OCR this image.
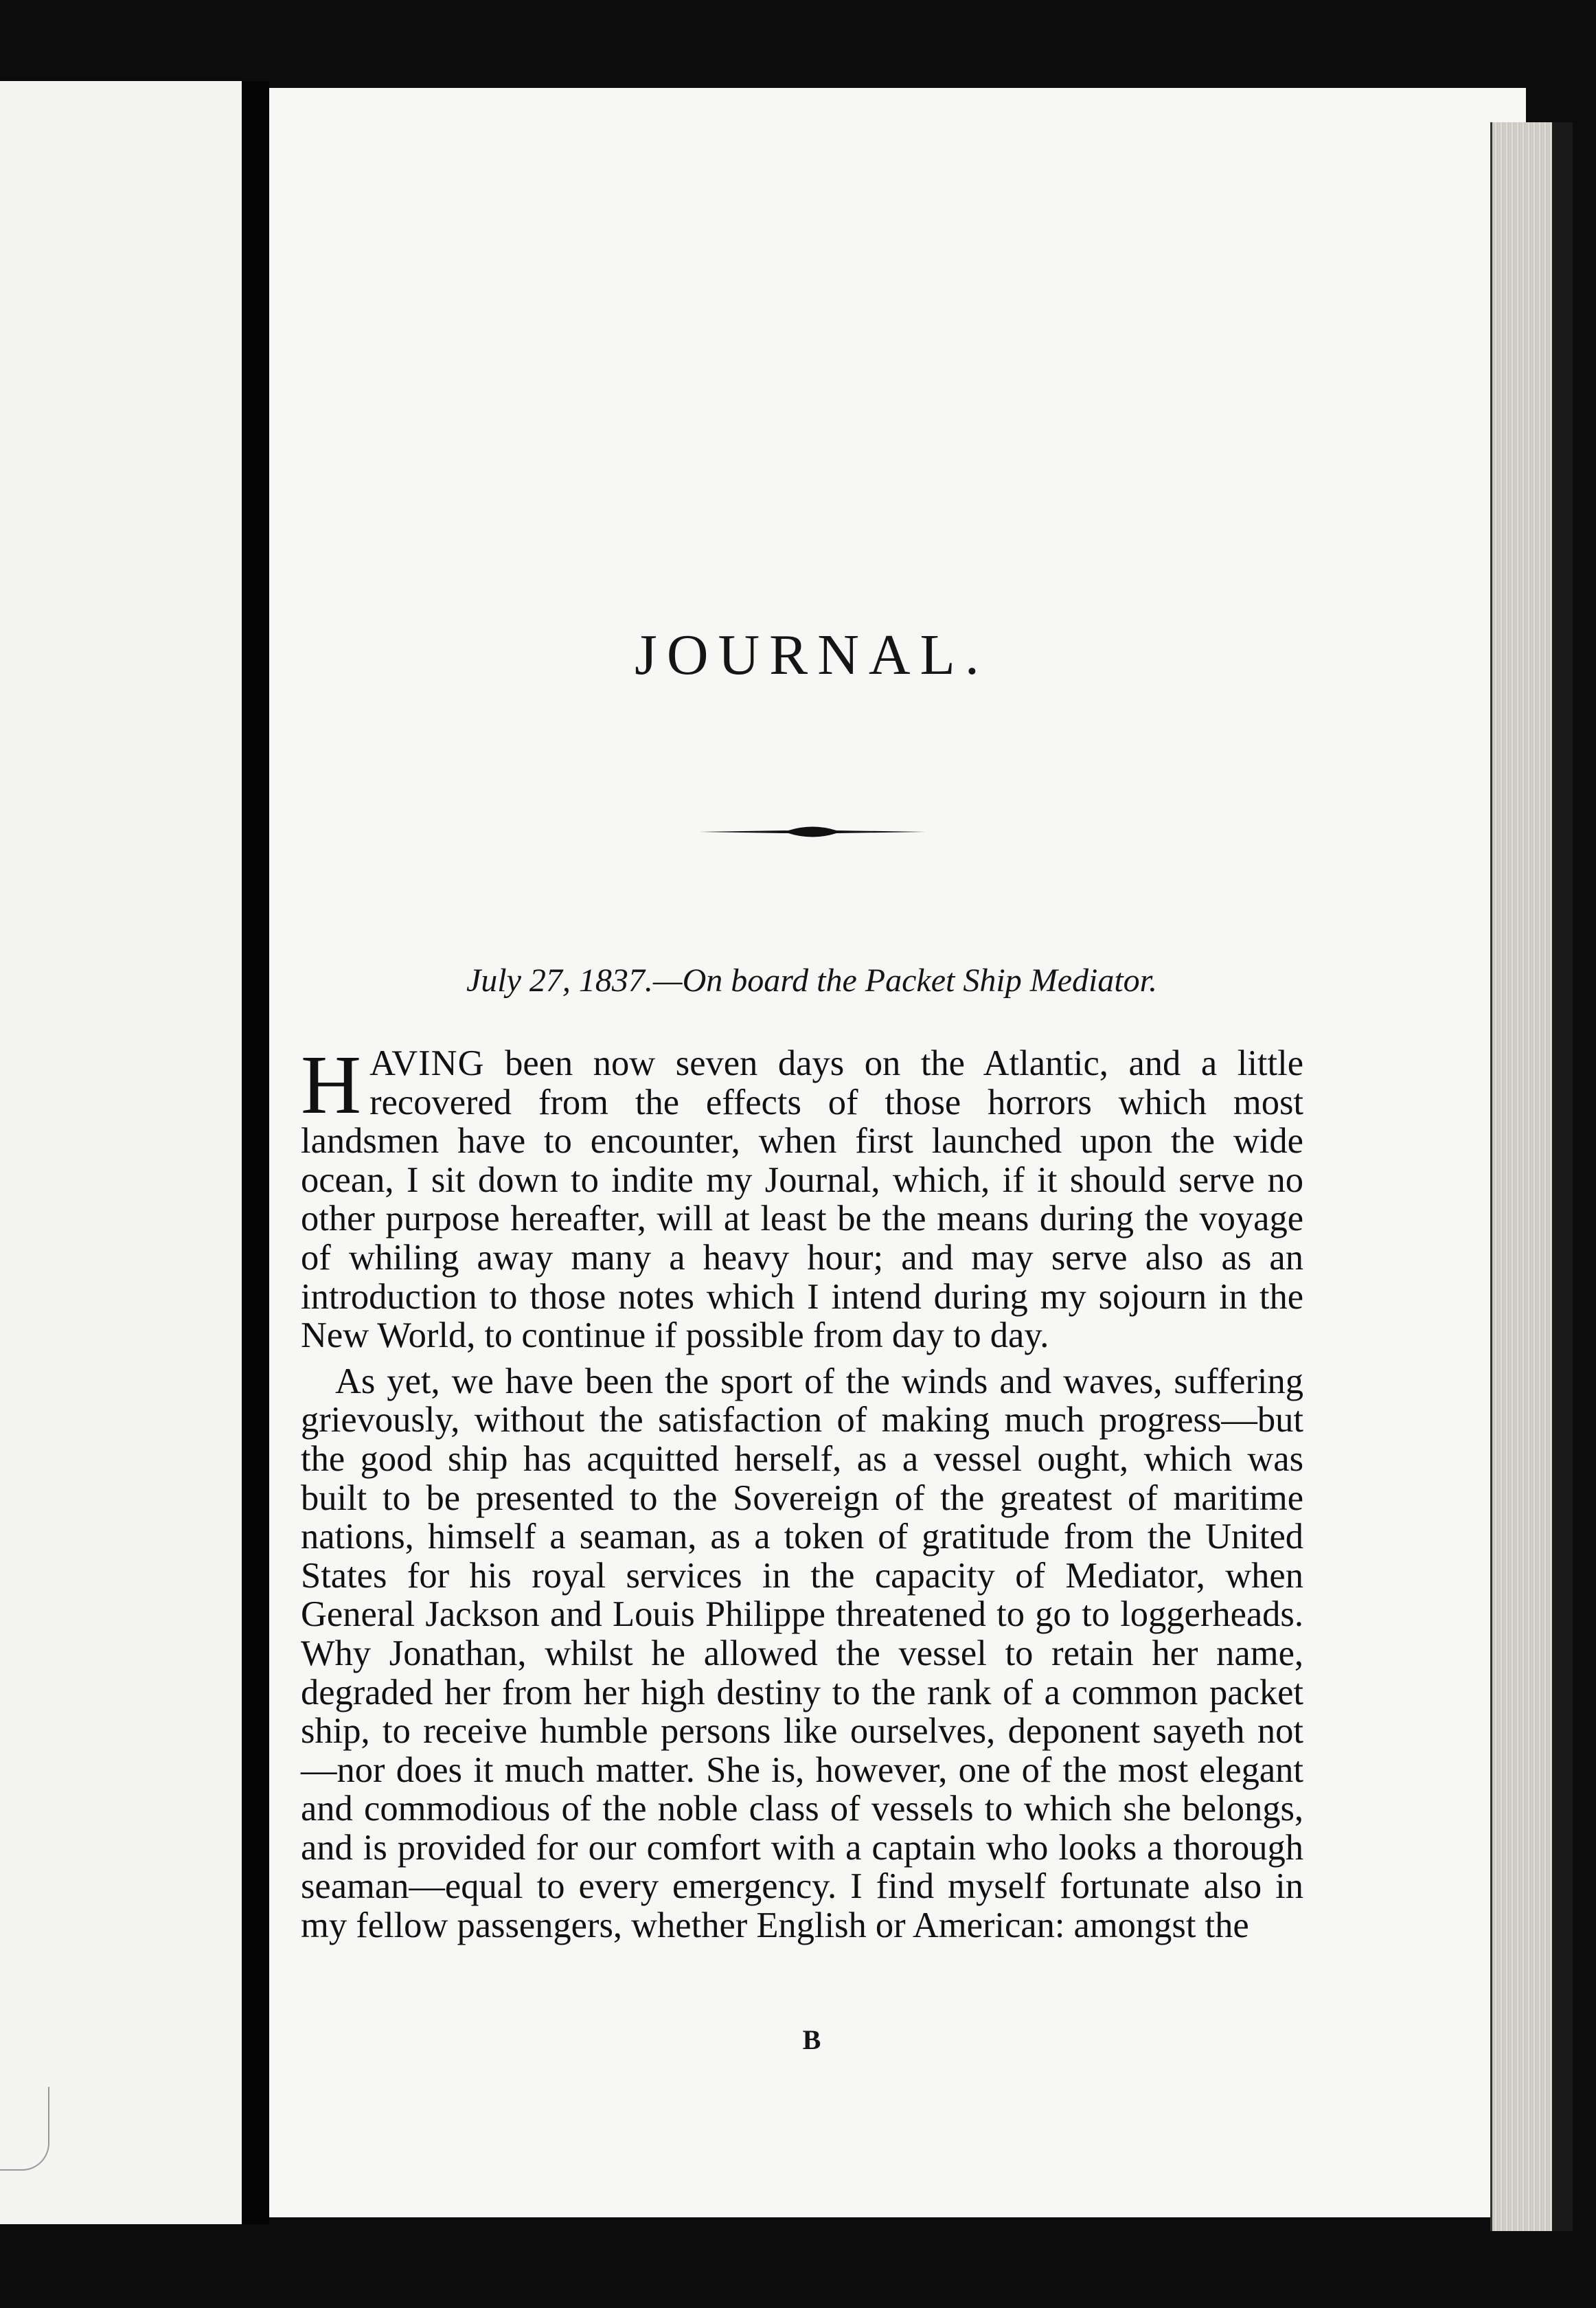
JOURNAL.

July 27, 1837.—On board the Packet Ship Mediator.

HAVING been now seven days on the Atlantic, and a little recovered from the effects of those horrors which most landsmen have to encounter, when first launched upon the wide ocean, I sit down to indite my Journal, which, if it should serve no other purpose hereafter, will at least be the means during the voyage of whiling away many a heavy hour; and may serve also as an introduction to those notes which I intend during my sojourn in the New World, to continue if possible from day to day.

As yet, we have been the sport of the winds and waves, suffering grievously, without the satisfaction of making much progress—but the good ship has acquitted herself, as a vessel ought, which was built to be presented to the Sovereign of the greatest of maritime nations, himself a seaman, as a token of gratitude from the United States for his royal services in the capacity of Mediator, when General Jackson and Louis Philippe threatened to go to loggerheads. Why Jonathan, whilst he allowed the vessel to retain her name, degraded her from her high destiny to the rank of a common packet ship, to receive humble persons like ourselves, deponent sayeth not—nor does it much matter. She is, however, one of the most elegant and commodious of the noble class of vessels to which she belongs, and is provided for our comfort with a captain who looks a thorough seaman—equal to every emergency. I find myself fortunate also in my fellow passengers, whether English or American: amongst the

B
